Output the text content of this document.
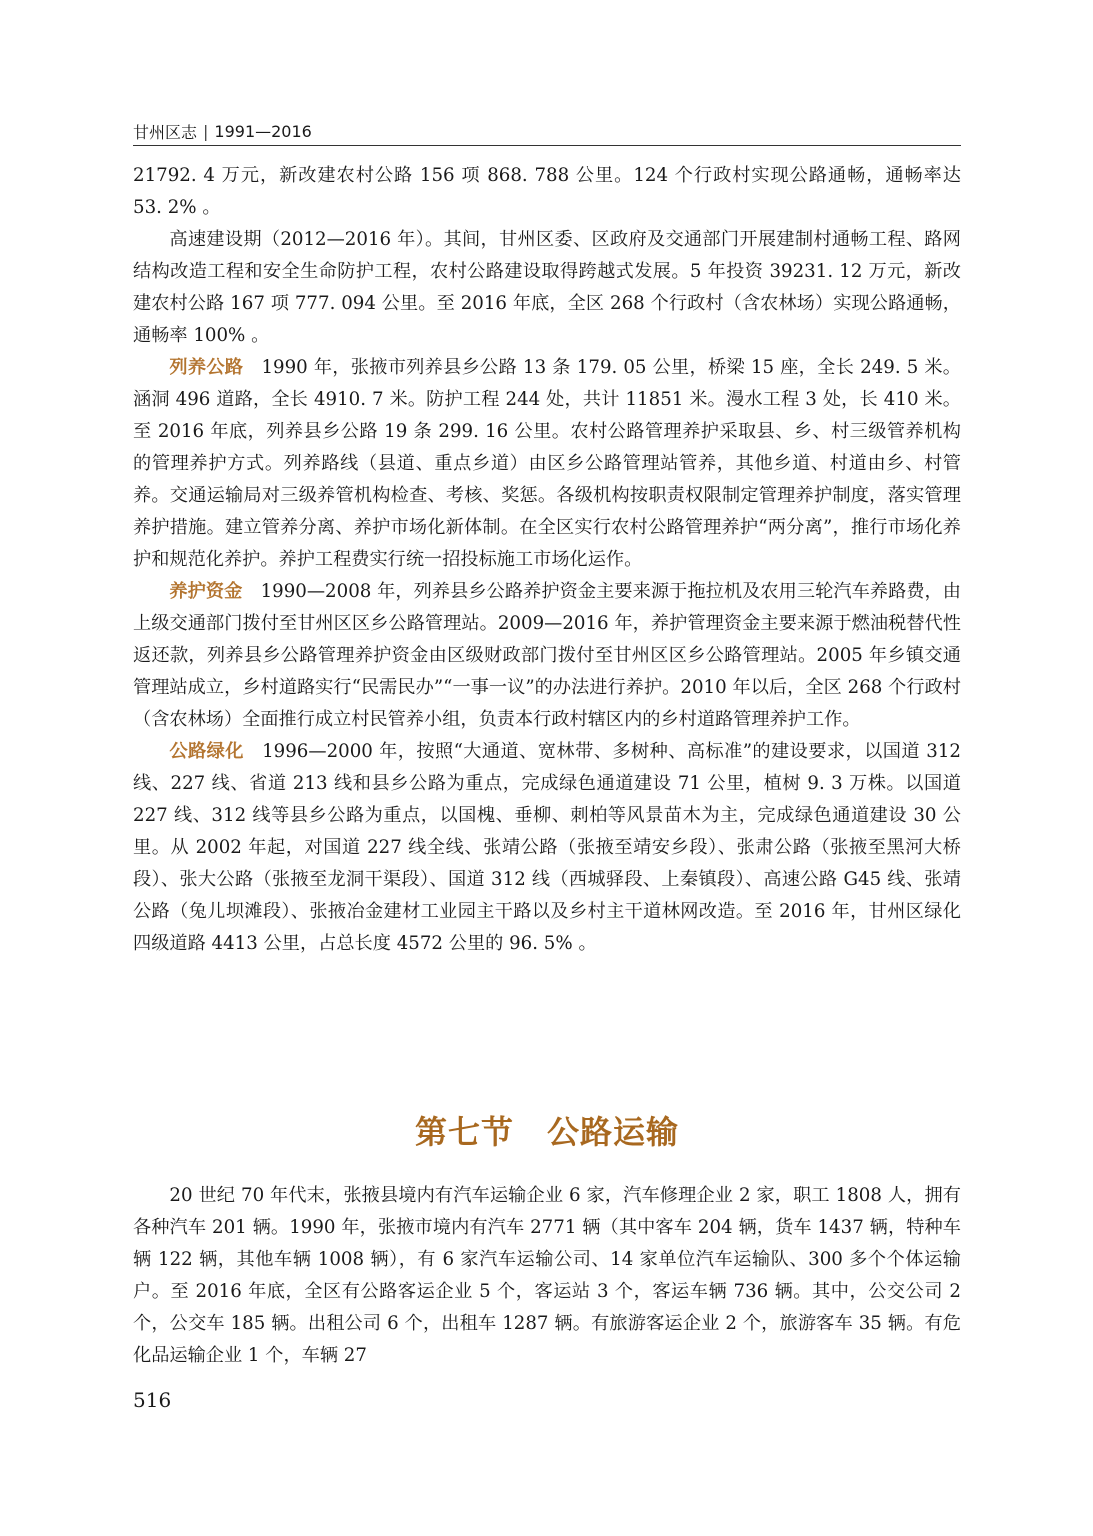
甘州区志 | 1991—2016

21792. 4 万元，新改建农村公路 156 项 868. 788 公里。124 个行政村实现公路通畅，通畅率达 53. 2% 。

高速建设期（2012—2016 年）。其间，甘州区委、区政府及交通部门开展建制村通畅工程、路网结构改造工程和安全生命防护工程，农村公路建设取得跨越式发展。5 年投资 39231. 12 万元，新改建农村公路 167 项 777. 094 公里。至 2016 年底，全区 268 个行政村（含农林场）实现公路通畅，通畅率 100% 。

列养公路 1990 年，张掖市列养县乡公路 13 条 179. 05 公里，桥梁 15 座，全长 249. 5 米。涵洞 496 道路，全长 4910. 7 米。防护工程 244 处，共计 11851 米。漫水工程 3 处，长 410 米。至 2016 年底，列养县乡公路 19 条 299. 16 公里。农村公路管理养护采取县、乡、村三级管养机构的管理养护方式。列养路线（县道、重点乡道）由区乡公路管理站管养，其他乡道、村道由乡、村管养。交通运输局对三级养管机构检查、考核、奖惩。各级机构按职责权限制定管理养护制度，落实管理养护措施。建立管养分离、养护市场化新体制。在全区实行农村公路管理养护“两分离”，推行市场化养护和规范化养护。养护工程费实行统一招投标施工市场化运作。

养护资金 1990—2008 年，列养县乡公路养护资金主要来源于拖拉机及农用三轮汽车养路费，由上级交通部门拨付至甘州区区乡公路管理站。2009—2016 年，养护管理资金主要来源于燃油税替代性返还款，列养县乡公路管理养护资金由区级财政部门拨付至甘州区区乡公路管理站。2005 年乡镇交通管理站成立，乡村道路实行“民需民办”“一事一议”的办法进行养护。2010 年以后，全区 268 个行政村（含农林场）全面推行成立村民管养小组，负责本行政村辖区内的乡村道路管理养护工作。

公路绿化 1996—2000 年，按照“大通道、宽林带、多树种、高标准”的建设要求，以国道 312 线、227 线、省道 213 线和县乡公路为重点，完成绿色通道建设 71 公里，植树 9. 3 万株。以国道 227 线、312 线等县乡公路为重点，以国槐、垂柳、刺柏等风景苗木为主，完成绿色通道建设 30 公里。从 2002 年起，对国道 227 线全线、张靖公路（张掖至靖安乡段）、张肃公路（张掖至黑河大桥段）、张大公路（张掖至龙洞干渠段）、国道 312 线（西城驿段、上秦镇段）、高速公路 G45 线、张靖公路（兔儿坝滩段）、张掖冶金建材工业园主干路以及乡村主干道林网改造。至 2016 年，甘州区绿化四级道路 4413 公里，占总长度 4572 公里的 96. 5% 。

第七节　公路运输

20 世纪 70 年代末，张掖县境内有汽车运输企业 6 家，汽车修理企业 2 家，职工 1808 人，拥有各种汽车 201 辆。1990 年，张掖市境内有汽车 2771 辆（其中客车 204 辆，货车 1437 辆，特种车辆 122 辆，其他车辆 1008 辆），有 6 家汽车运输公司、14 家单位汽车运输队、300 多个个体运输户。至 2016 年底，全区有公路客运企业 5 个，客运站 3 个，客运车辆 736 辆。其中，公交公司 2 个，公交车 185 辆。出租公司 6 个，出租车 1287 辆。有旅游客运企业 2 个，旅游客车 35 辆。有危化品运输企业 1 个，车辆 27

516
